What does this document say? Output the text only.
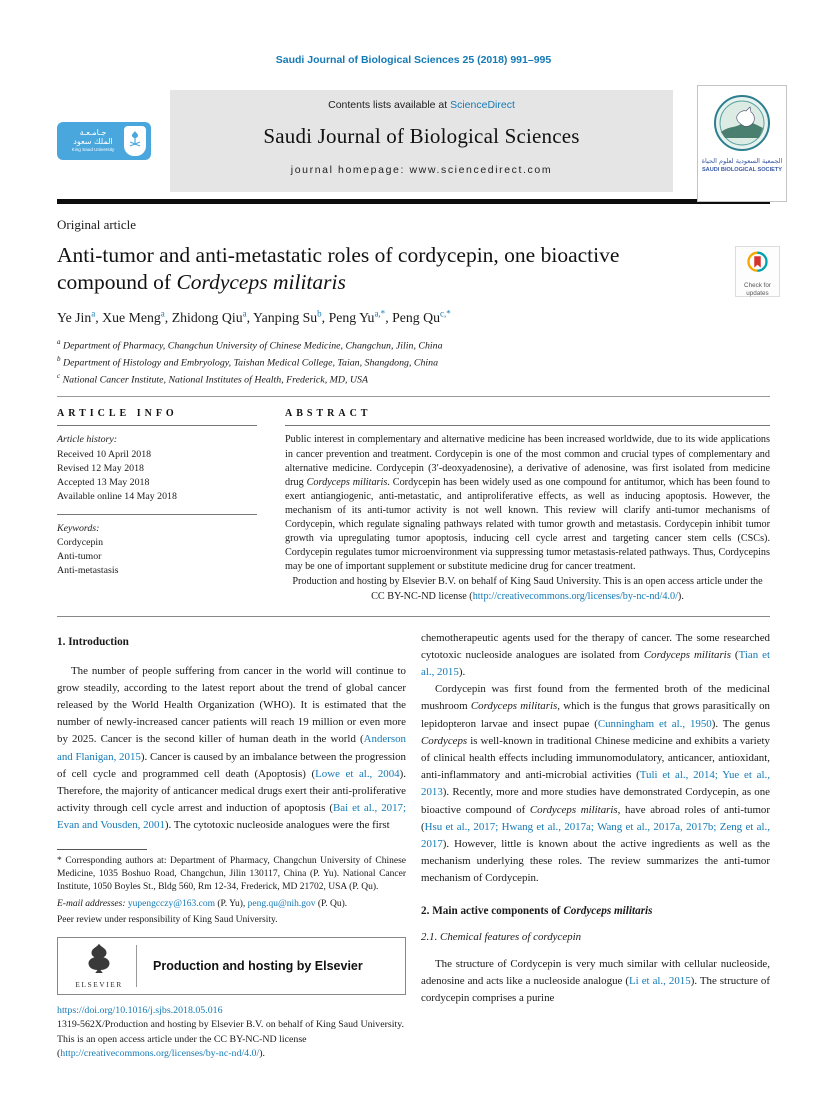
Saudi Journal of Biological Sciences 25 (2018) 991–995
جـامـعـة
الملك سعود
King Saud University
Contents lists available at ScienceDirect
Saudi Journal of Biological Sciences
journal homepage: www.sciencedirect.com
الجمعية السعودية لعلوم الحياة
SAUDI BIOLOGICAL SOCIETY
Original article
Anti-tumor and anti-metastatic roles of cordycepin, one bioactive compound of Cordyceps militaris
Ye Jin$^a$, Xue Meng$^a$, Zhidong Qiu$^a$, Yanping Su$^b$, Peng $Yu^{a,*}$, Peng $Qu^{c,*}$
$^a$ Department of Pharmacy, Changchun University of Chinese Medicine, Changchun, Jilin, China
$^b$ Department of Histology and Embryology, Taishan Medical College, Taian, Shangdong, China
$^c$ National Cancer Institute, National Institutes of Health, Frederick, MD, USA
ARTICLE INFO
Article history:
Received 10 April 2018
Revised 12 May 2018
Accepted 13 May 2018
Available online 14 May 2018
Keywords:
Cordycepin
Anti-tumor
Anti-metastasis
ABSTRACT
Public interest in complementary and alternative medicine has been increased worldwide, due to its wide applications in cancer prevention and treatment. Cordycepin is one of the most common and crucial types of complementary and alternative medicine. Cordycepin (3′-deoxyadenosine), a derivative of adenosine, was first isolated from medicine drug Cordyceps militaris. Cordycepin has been widely used as one compound for antitumor, which has been found to exert antiangiogenic, anti-metastatic, and antiproliferative effects, as well as inducing apoptosis. However, the mechanism of its anti-tumor activity is not well known. This review will clarify anti-tumor mechanisms of Cordycepin, which regulate signaling pathways related with tumor growth and metastasis. Cordycepin inhibit tumor growth via upregulating tumor apoptosis, inducing cell cycle arrest and targeting cancer stem cells (CSCs). Cordycepin regulates tumor microenvironment via suppressing tumor metastasis-related pathways. Thus, Cordycepins may be one of important supplement or substitute medicine drug for cancer treatment.
Production and hosting by Elsevier B.V. on behalf of King Saud University. This is an open access article under the CC BY-NC-ND license (http://creativecommons.org/licenses/by-nc-nd/4.0/).
1. Introduction

The number of people suffering from cancer in the world will continue to grow steadily, according to the latest report about the trend of global cancer released by the World Health Organization (WHO). It is estimated that the number of newly-increased cancer patients will reach 19 million or even more by 2025. Cancer is the second killer of human death in the world (Anderson and Flanigan, 2015). Cancer is caused by an imbalance between the progression of cell cycle and programmed cell death (Apoptosis) (Lowe et al., 2004). Therefore, the majority of anticancer medical drugs exert their anti-proliferative activity through cell cycle arrest and induction of apoptosis (Bai et al., 2017; Evan and Vousden, 2001). The cytotoxic nucleoside analogues were the first

* Corresponding authors at: Department of Pharmacy, Changchun University of Chinese Medicine, 1035 Boshuo Road, Changchun, Jilin 130117, China (P. Yu). National Cancer Institute, 1050 Boyles St., Bldg 560, Rm 12-34, Frederick, MD 21702, USA (P. Qu).

E-mail addresses: yupengcczy@163.com (P. Yu), peng.qu@nih.gov (P. Qu).
Peer review under responsibility of King Saud University.
ELSEVIER
Production and hosting by Elsevier
https://doi.org/10.1016/j.sjbs.2018.05.016
1319-562X/Production and hosting by Elsevier B.V. on behalf of King Saud University.
This is an open access article under the CC BY-NC-ND license (http://creativecommons.org/licenses/by-nc-nd/4.0/).

chemotherapeutic agents used for the therapy of cancer. The some researched cytotoxic nucleoside analogues are isolated from Cordyceps militaris (Tian et al., 2015).

Cordycepin was first found from the fermented broth of the medicinal mushroom Cordyceps militaris, which is the fungus that grows parasitically on lepidopteron larvae and insect pupae (Cunningham et al., 1950). The genus Cordyceps is well-known in traditional Chinese medicine and exhibits a variety of clinical health effects including immunomodulatory, anticancer, antioxidant, anti-inflammatory and anti-microbial activities (Tuli et al., 2014; Yue et al., 2013). Recently, more and more studies have demonstrated Cordycepin, as one bioactive compound of Cordyceps militaris, have abroad roles of anti-tumor (Hsu et al., 2017; Hwang et al., 2017a; Wang et al., 2017a, 2017b; Zeng et al., 2017). However, little is known about the active ingredients as well as the mechanism underlying these roles. The review summarizes the anti-tumor mechanism of Cordycepin.

2. Main active components of Cordyceps militaris
2.1. Chemical features of cordycepin

The structure of Cordycepin is very much similar with cellular nucleoside, adenosine and acts like a nucleoside analogue (Li et al., 2015). The structure of cordycepin comprises a purine

Check for
updates
